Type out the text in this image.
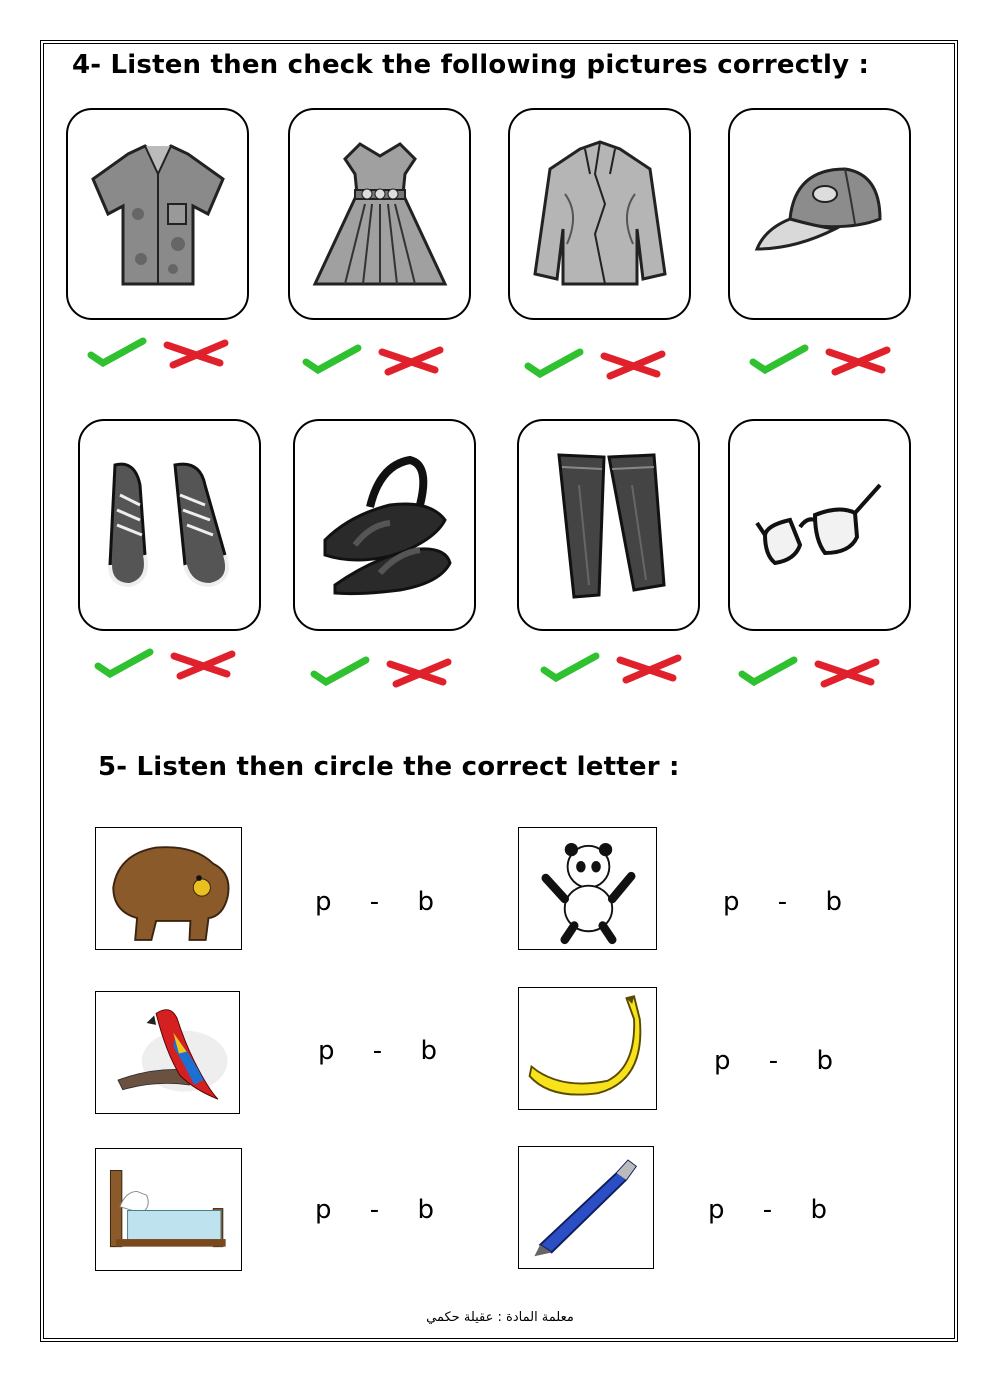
4- Listen then check the following pictures correctly :
5- Listen then circle the correct letter :
p - b	p - b
p - b	p - b
p - b	p - b
معلمة المادة : عقيلة حكمي
